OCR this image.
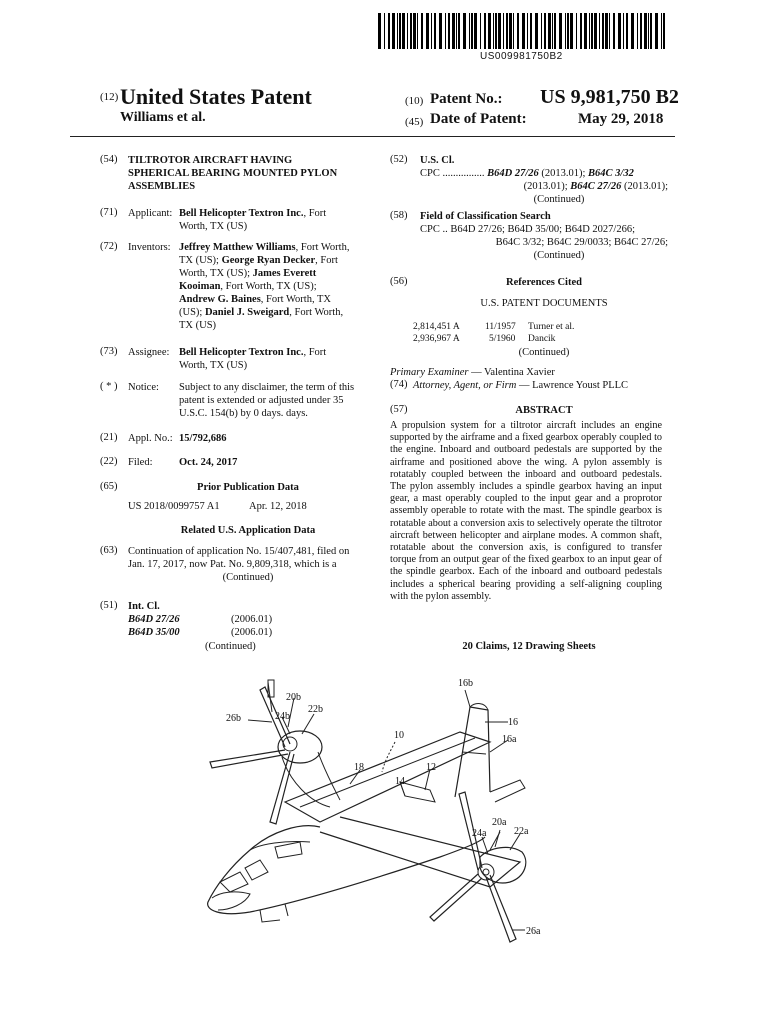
US009981750B2
(12) United States Patent
Williams et al.
(10) Patent No.: US 9,981,750 B2
(45) Date of Patent:	May 29, 2018
(54)	TILTROTOR AIRCRAFT HAVING
SPHERICAL BEARING MOUNTED PYLON
ASSEMBLIES
(71)	Applicant: Bell Helicopter Textron Inc., Fort
Worth, TX (US)
(72)	Inventors: Jeffrey Matthew Williams, Fort Worth,
TX (US); George Ryan Decker, Fort
Worth, TX (US); James Everett
Kooiman, Fort Worth, TX (US);
Andrew G. Baines, Fort Worth, TX
(US); Daniel J. Sweigard, Fort Worth,
TX (US)
(73)	Assignee: Bell Helicopter Textron Inc., Fort
Worth, TX (US)
( * )	Notice: Subject to any disclaimer, the term of this
patent is extended or adjusted under 35
U.S.C. 154(b) by 0 days. days.
(21)	Appl. No.: 15/792,686
(22)	Filed:	Oct. 24, 2017
(65)	Prior Publication Data
US 2018/0099757 A1	Apr. 12, 2018
Related U.S. Application Data
(63)	Continuation of application No. 15/407,481, filed on
Jan. 17, 2017, now Pat. No. 9,809,318, which is a
(Continued)
(51)	Int. Cl.
B64D 27/26	(2006.01)
B64D 35/00	(2006.01)
(Continued)
(52)	U.S. Cl.
CPC ................ B64D 27/26 (2013.01); B64C 3/32
(2013.01); B64C 27/26 (2013.01);
(Continued)
(58)	Field of Classification Search
CPC .. B64D 27/26; B64D 35/00; B64D 2027/266;
B64C 3/32; B64C 29/0033; B64C 27/26;
(Continued)
(56)	References Cited
U.S. PATENT DOCUMENTS
2,814,451 A	11/1957 Turner et al.
2,936,967 A	5/1960 Dancik
(Continued)
Primary Examiner — Valentina Xavier
(74) Attorney, Agent, or Firm — Lawrence Youst PLLC
(57)	ABSTRACT
A propulsion system for a tiltrotor aircraft includes an engine supported by the airframe and a fixed gearbox operably coupled to the engine. Inboard and outboard pedestals are supported by the airframe and positioned above the wing. A pylon assembly is rotatably coupled between the inboard and outboard pedestals. The pylon assembly includes a spindle gearbox having an input gear, a mast operably coupled to the input gear and a proprotor assembly operable to rotate with the mast. The spindle gearbox is rotatable about a conversion axis to selectively operate the tiltrotor aircraft between helicopter and airplane modes. A common shaft, rotatable about the conversion axis, is configured to transfer torque from an output gear of the fixed gearbox to an input gear of the spindle gearbox. Each of the inboard and outboard pedestals includes a spherical bearing providing a self-aligning coupling with the pylon assembly.
20 Claims, 12 Drawing Sheets
16b
20b
22b
24b
26b
10
16
16a
18
14
12
20a
24a	22a
26a
